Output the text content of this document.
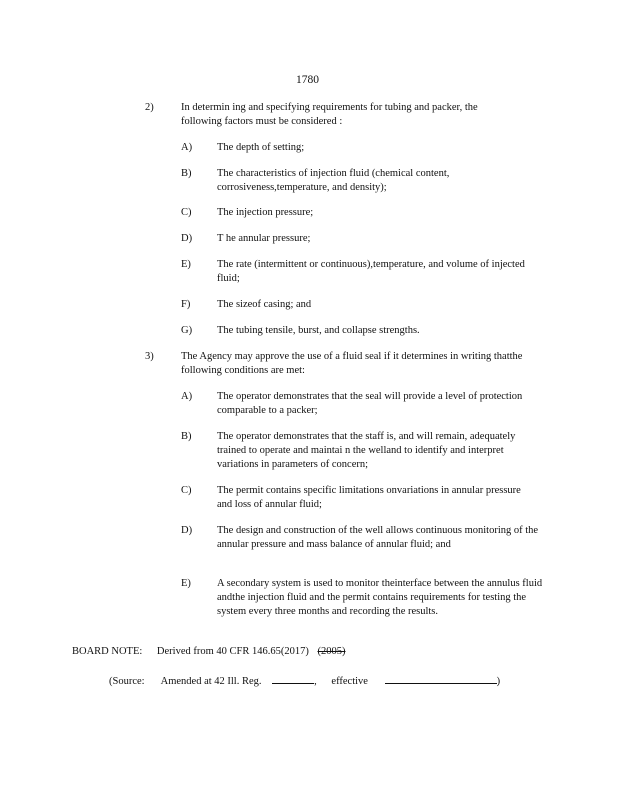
1780
2)	In determin ing and specifying requirements for tubing and packer, the following factors must be considered :
A)	The depth of setting;
B)	The characteristics of injection fluid (chemical content, corrosiveness,temperature, and density);
C)	The injection pressure;
D)	T he annular pressure;
E)	The rate (intermittent or continuous),temperature, and volume of injected fluid;
F)	The sizeof casing; and
G)	The tubing tensile, burst, and collapse strengths.
3)	The Agency may approve the use of a fluid seal if it determines in writing thatthe following conditions are met:
A)	The operator demonstrates that the seal will provide a level of protection comparable to a packer;
B)	The operator demonstrates that the staff is, and will remain, adequately trained to operate and maintai n the welland to identify and interpret variations in parameters of concern;
C)	The permit contains specific limitations onvariations in annular pressure and loss of annular fluid;
D)	The design and construction of the well allows continuous monitoring of the annular pressure and mass balance of annular fluid; and
E)	A secondary system is used to monitor theinterface between the annulus fluid andthe injection fluid and the permit contains requirements for testing the system every three months and recording the results.
BOARD NOTE: Derived from 40 CFR 146.65(2017) (2005)
(Source: Amended at 42 Ill. Reg.	, effective	)
